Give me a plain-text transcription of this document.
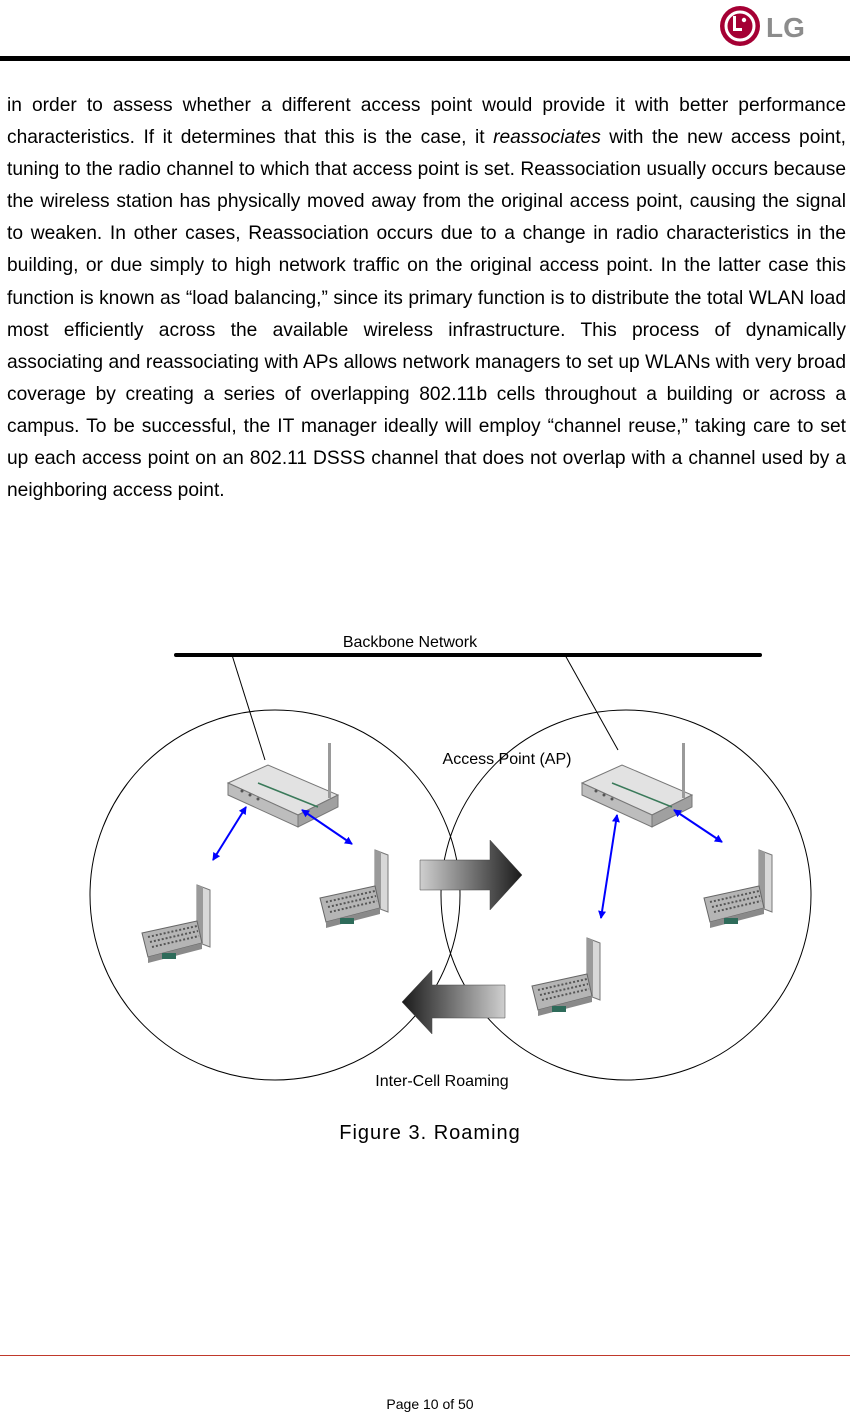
LG

in order to assess whether a different access point would provide it with better performance characteristics. If it determines that this is the case, it reassociates with the new access point, tuning to the radio channel to which that access point is set. Reassociation usually occurs because the wireless station has physically moved away from the original access point, causing the signal to weaken. In other cases, Reassociation occurs due to a change in radio characteristics in the building, or due simply to high network traffic on the original access point. In the latter case this function is known as “load balancing,” since its primary function is to distribute the total WLAN load most efficiently across the available wireless infrastructure. This process of dynamically associating and reassociating with APs allows network managers to set up WLANs with very broad coverage by creating a series of overlapping 802.11b cells throughout a building or across a campus. To be successful, the IT manager ideally will employ “channel reuse,” taking care to set up each access point on an 802.11 DSSS channel that does not overlap with a channel used by a neighboring access point.

Backbone Network
Access Point (AP)
Inter-Cell Roaming
Figure 3. Roaming
Page 10 of 50
